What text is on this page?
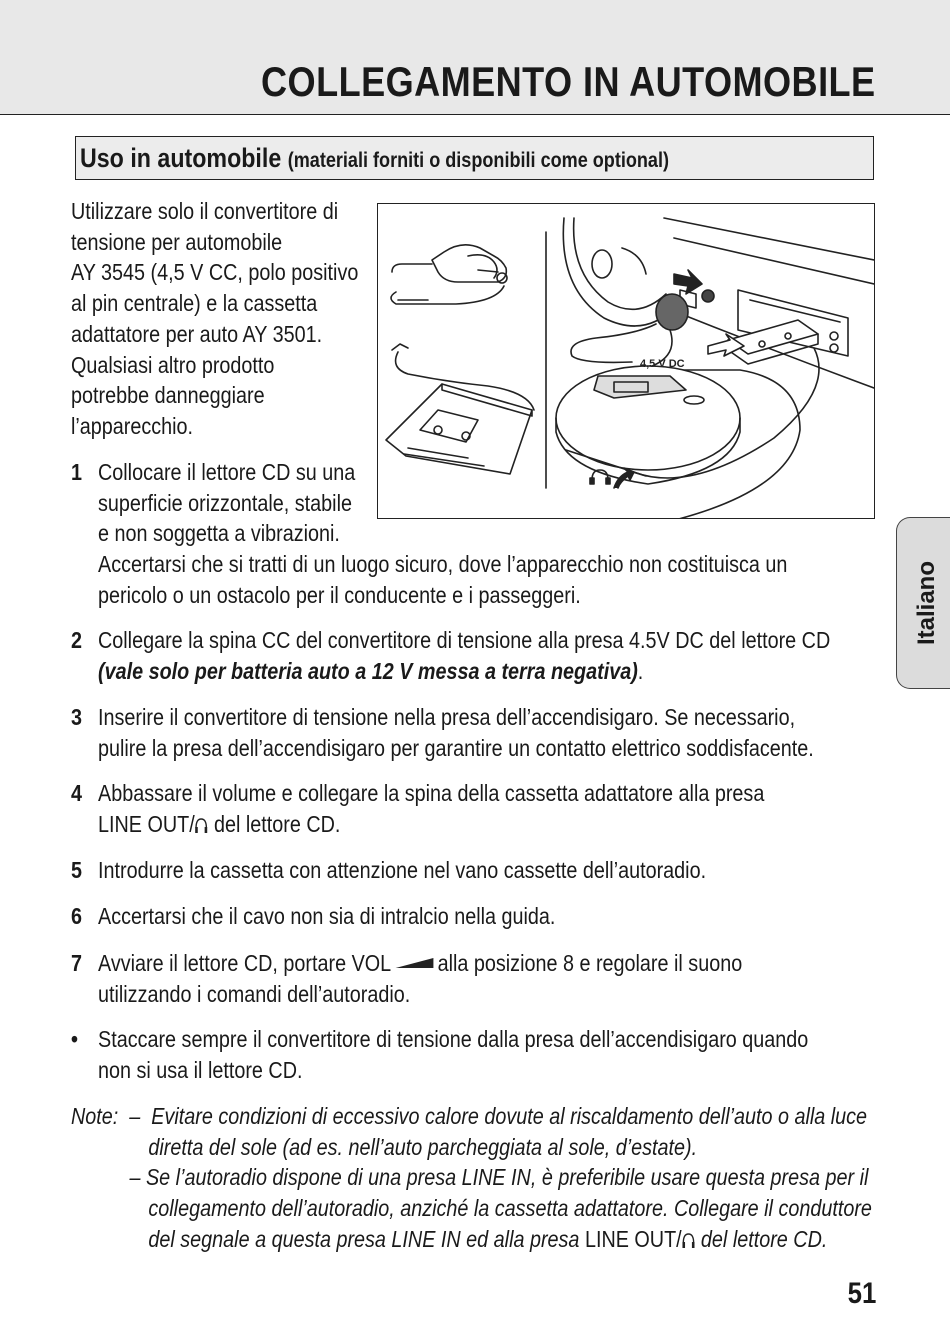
COLLEGAMENTO IN AUTOMOBILE
Uso in automobile (materiali forniti o disponibili come optional)

Utilizzare solo il convertitore di
tensione per automobile
AY 3545 (4,5 V CC, polo positivo
al pin centrale) e la cassetta
adattatore per auto AY 3501.
Qualsiasi altro prodotto
potrebbe danneggiare
l’apparecchio.

4,5 V DC
1 Collocare il lettore CD su una
superficie orizzontale, stabile
e non soggetta a vibrazioni.
Accertarsi che si tratti di un luogo sicuro, dove l’apparecchio non costituisca un
pericolo o un ostacolo per il conducente e i passeggeri.
2 Collegare la spina CC del convertitore di tensione alla presa 4.5V DC del lettore CD
(vale solo per batteria auto a 12 V messa a terra negativa).
3 Inserire il convertitore di tensione nella presa dell’accendisigaro. Se necessario,
pulire la presa dell’accendisigaro per garantire un contatto elettrico soddisfacente.
4 Abbassare il volume e collegare la spina della cassetta adattatore alla presa
LINE OUT/ del lettore CD.
5 Introdurre la cassetta con attenzione nel vano cassette dell’autoradio.
6 Accertarsi che il cavo non sia di intralcio nella guida.
7 Avviare il lettore CD, portare VOL alla posizione 8 e regolare il suono
utilizzando i comandi dell’autoradio.
• Staccare sempre il convertitore di tensione dalla presa dell’accendisigaro quando
non si usa il lettore CD.
Note: – Evitare condizioni di eccessivo calore dovute al riscaldamento dell’auto o alla luce
diretta del sole (ad es. nell’auto parcheggiata al sole, d’estate).
– Se l’autoradio dispone di una presa LINE IN, è preferibile usare questa presa per il
collegamento dell’autoradio, anziché la cassetta adattatore. Collegare il conduttore
del segnale a questa presa LINE IN ed alla presa LINE OUT/ del lettore CD.
Italiano
51
